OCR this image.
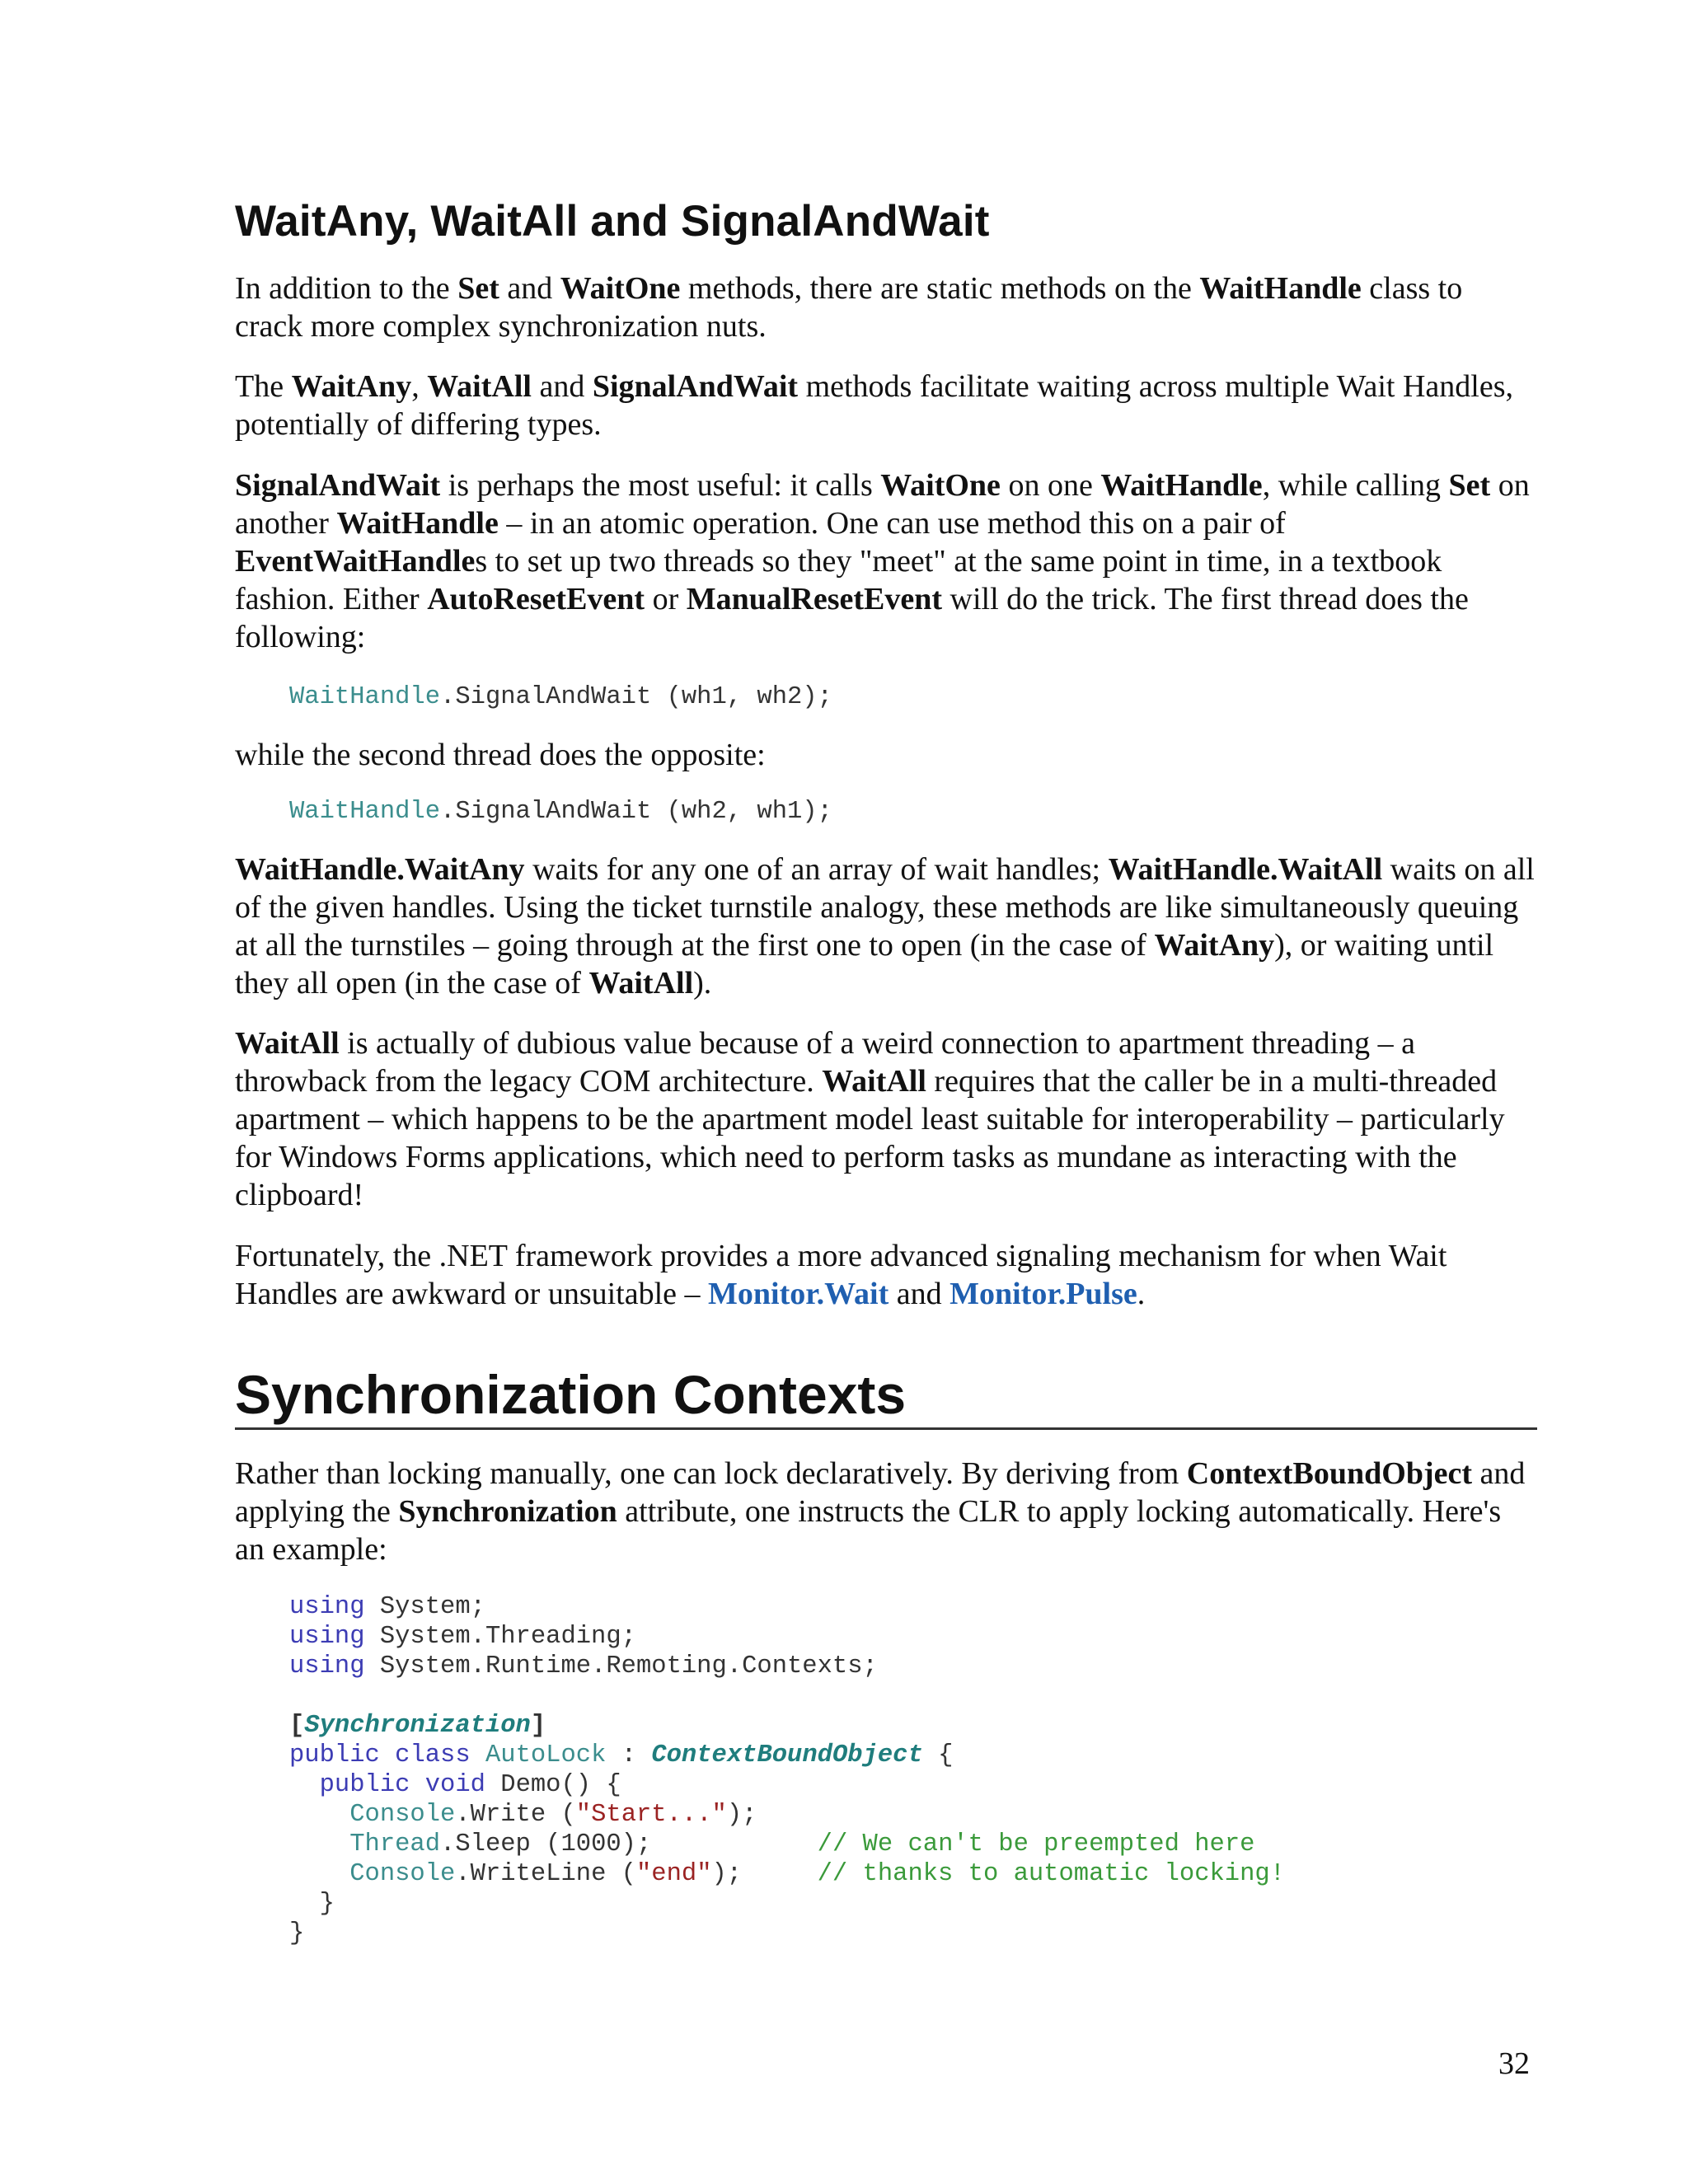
WaitAny, WaitAll and SignalAndWait

In addition to the Set and WaitOne methods, there are static methods on the WaitHandle class to crack more complex synchronization nuts.

The WaitAny, WaitAll and SignalAndWait methods facilitate waiting across multiple Wait Handles, potentially of differing types.

SignalAndWait is perhaps the most useful: it calls WaitOne on one WaitHandle, while calling Set on another WaitHandle – in an atomic operation. One can use method this on a pair of EventWaitHandles to set up two threads so they "meet" at the same point in time, in a textbook fashion. Either AutoResetEvent or ManualResetEvent will do the trick. The first thread does the following:

WaitHandle.SignalAndWait (wh1, wh2);

while the second thread does the opposite:

WaitHandle.SignalAndWait (wh2, wh1);

WaitHandle.WaitAny waits for any one of an array of wait handles; WaitHandle.WaitAll waits on all of the given handles. Using the ticket turnstile analogy, these methods are like simultaneously queuing at all the turnstiles – going through at the first one to open (in the case of WaitAny), or waiting until they all open (in the case of WaitAll).

WaitAll is actually of dubious value because of a weird connection to apartment threading – a throwback from the legacy COM architecture. WaitAll requires that the caller be in a multi-threaded apartment – which happens to be the apartment model least suitable for interoperability – particularly for Windows Forms applications, which need to perform tasks as mundane as interacting with the clipboard!

Fortunately, the .NET framework provides a more advanced signaling mechanism for when Wait Handles are awkward or unsuitable – Monitor.Wait and Monitor.Pulse.

Synchronization Contexts

Rather than locking manually, one can lock declaratively. By deriving from ContextBoundObject and applying the Synchronization attribute, one instructs the CLR to apply locking automatically. Here's an example:

using System;
using System.Threading;
using System.Runtime.Remoting.Contexts;

[Synchronization]
public class AutoLock : ContextBoundObject {
public void Demo() {
Console.Write ("Start...");
Thread.Sleep (1000);	// We can't be preempted here
Console.WriteLine ("end");	// thanks to automatic locking!
}
}
32
